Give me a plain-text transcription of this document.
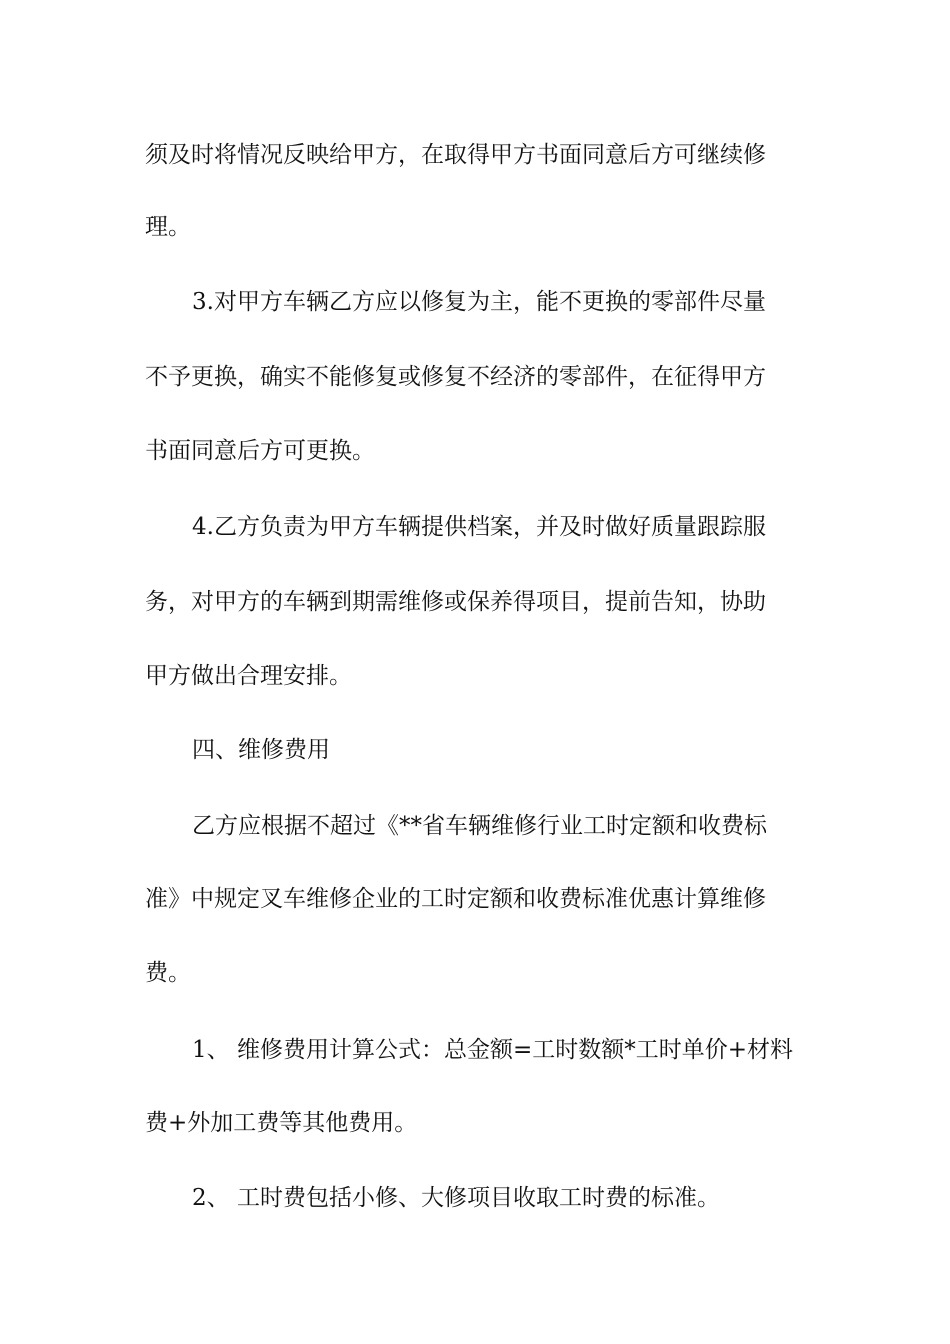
须及时将情况反映给甲方，在取得甲方书面同意后方可继续修
理。
3.对甲方车辆乙方应以修复为主，能不更换的零部件尽量
不予更换，确实不能修复或修复不经济的零部件，在征得甲方
书面同意后方可更换。
4.乙方负责为甲方车辆提供档案，并及时做好质量跟踪服
务，对甲方的车辆到期需维修或保养得项目，提前告知，协助
甲方做出合理安排。
四、维修费用
乙方应根据不超过《**省车辆维修行业工时定额和收费标
准》中规定叉车维修企业的工时定额和收费标准优惠计算维修
费。
1、 维修费用计算公式：总金额=工时数额*工时单价+材料
费+外加工费等其他费用。
2、 工时费包括小修、大修项目收取工时费的标准。
